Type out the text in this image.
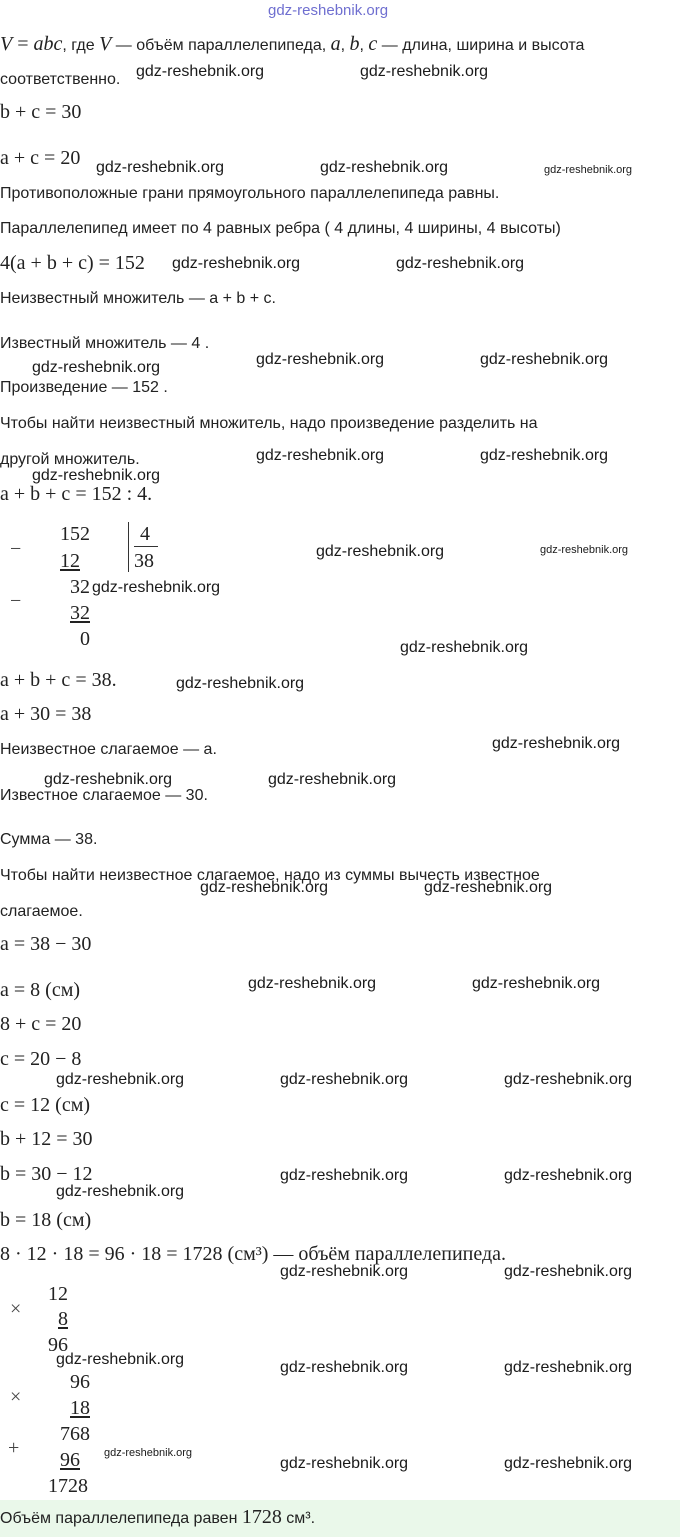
gdz-reshebnik.org
V = abc, где V — объём параллелепипеда, a, b, c — длина, ширина и высота
соответственно.
b + c = 30
a + c = 20
Противоположные грани прямоугольного параллелепипеда равны.
Параллелепипед имеет по 4 равных ребра ( 4 длины, 4 ширины, 4 высоты)
4(a + b + c) = 152
Неизвестный множитель — a + b + c.
Известный множитель — 4 .
Произведение — 152 .
Чтобы найти неизвестный множитель, надо произведение разделить на
другой множитель.
a + b + c = 152 : 4.
−
152	4
38
12
−
32
32
0
a + b + c = 38.
a + 30 = 38
Неизвестное слагаемое — a.
Известное слагаемое — 30.
Сумма — 38.
Чтобы найти неизвестное слагаемое, надо из суммы вычесть известное
слагаемое.
a = 38 − 30
a = 8 (см)
8 + c = 20
c = 20 − 8
c = 12 (см)
b + 12 = 30
b = 30 − 12
b = 18 (см)
8 · 12 · 18 = 96 · 18 = 1728 (см³) — объём параллелепипеда.
×
12
8
96
×
96
18
768
+
96
1728
Объём параллелепипеда равен 1728 см³.
gdz-reshebnik.org	gdz-reshebnik.org
gdz-reshebnik.org	gdz-reshebnik.org	gdz-reshebnik.org
gdz-reshebnik.org	gdz-reshebnik.org
gdz-reshebnik.org	gdz-reshebnik.org	gdz-reshebnik.org
gdz-reshebnik.org
gdz-reshebnik.org	gdz-reshebnik.org
gdz-reshebnik.org	gdz-reshebnik.org
gdz-reshebnik.org
gdz-reshebnik.org
gdz-reshebnik.org
gdz-reshebnik.org
gdz-reshebnik.org	gdz-reshebnik.org
gdz-reshebnik.org	gdz-reshebnik.org
gdz-reshebnik.org	gdz-reshebnik.org
gdz-reshebnik.org	gdz-reshebnik.org	gdz-reshebnik.org
gdz-reshebnik.org
gdz-reshebnik.org	gdz-reshebnik.org
gdz-reshebnik.org	gdz-reshebnik.org
gdz-reshebnik.org	gdz-reshebnik.org	gdz-reshebnik.org
gdz-reshebnik.org
gdz-reshebnik.org	gdz-reshebnik.org
